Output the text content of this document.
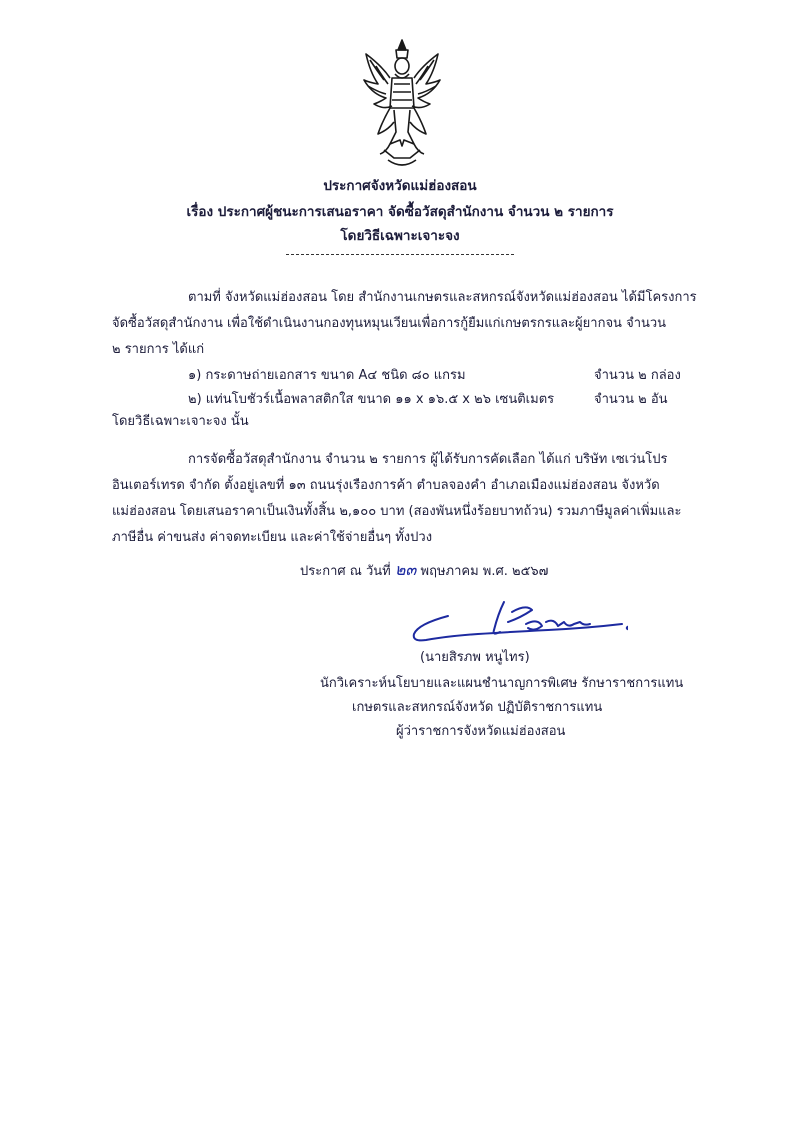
ประกาศจังหวัดแม่ฮ่องสอน
เรื่อง ประกาศผู้ชนะการเสนอราคา จัดซื้อวัสดุสำนักงาน จำนวน ๒ รายการ
โดยวิธีเฉพาะเจาะจง
ตามที่ จังหวัดแม่ฮ่องสอน โดย สำนักงานเกษตรและสหกรณ์จังหวัดแม่ฮ่องสอน ได้มีโครงการ
จัดซื้อวัสดุสำนักงาน เพื่อใช้ดำเนินงานกองทุนหมุนเวียนเพื่อการกู้ยืมแก่เกษตรกรและผู้ยากจน จำนวน
๒ รายการ ได้แก่
๑) กระดาษถ่ายเอกสาร ขนาด A๔ ชนิด ๘๐ แกรม	จำนวน ๒ กล่อง
๒) แท่นโบชัวร์เนื้อพลาสติกใส ขนาด ๑๑ x ๑๖.๕ x ๒๖ เซนติเมตร	จำนวน ๒ อัน
โดยวิธีเฉพาะเจาะจง นั้น
การจัดซื้อวัสดุสำนักงาน จำนวน ๒ รายการ ผู้ได้รับการคัดเลือก ได้แก่ บริษัท เซเว่นโปร
อินเตอร์เทรด จำกัด ตั้งอยู่เลขที่ ๑๓ ถนนรุ่งเรืองการค้า ตำบลจองคำ อำเภอเมืองแม่ฮ่องสอน จังหวัด
แม่ฮ่องสอน โดยเสนอราคาเป็นเงินทั้งสิ้น ๒,๑๐๐ บาท (สองพันหนึ่งร้อยบาทถ้วน) รวมภาษีมูลค่าเพิ่มและ
ภาษีอื่น ค่าขนส่ง ค่าจดทะเบียน และค่าใช้จ่ายอื่นๆ ทั้งปวง
ประกาศ ณ วันที่ ๒๓ พฤษภาคม พ.ศ. ๒๕๖๗
(นายสิรภพ หนูไทร)
นักวิเคราะห์นโยบายและแผนชำนาญการพิเศษ รักษาราชการแทน
เกษตรและสหกรณ์จังหวัด ปฏิบัติราชการแทน
ผู้ว่าราชการจังหวัดแม่ฮ่องสอน
